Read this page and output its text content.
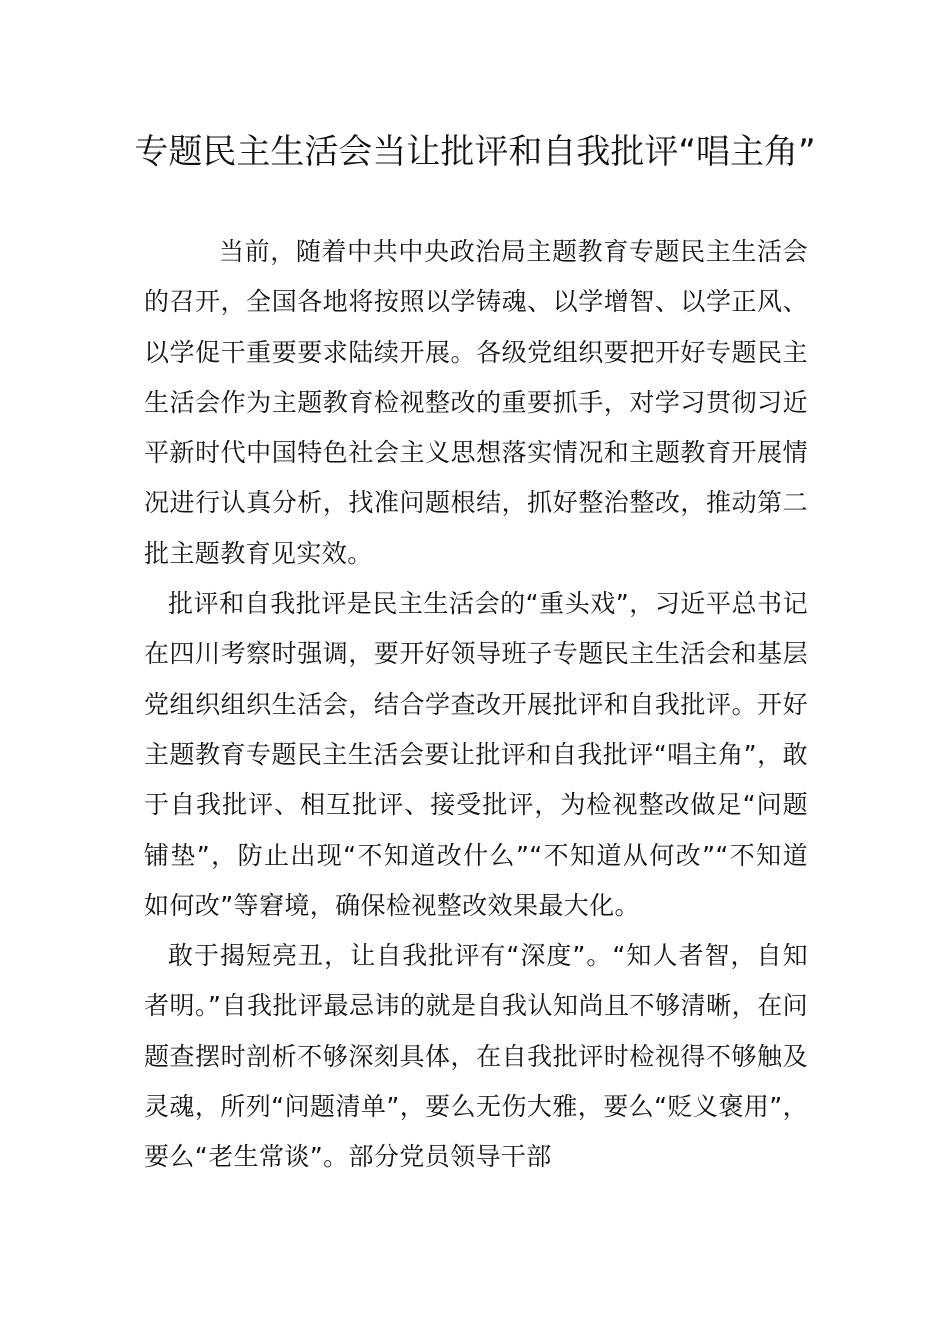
专题民主生活会当让批评和自我批评“唱主角”

当前，随着中共中央政治局主题教育专题民主生活会的召开，全国各地将按照以学铸魂、以学增智、以学正风、以学促干重要要求陆续开展。各级党组织要把开好专题民主生活会作为主题教育检视整改的重要抓手，对学习贯彻习近平新时代中国特色社会主义思想落实情况和主题教育开展情况进行认真分析，找准问题根结，抓好整治整改，推动第二批主题教育见实效。

批评和自我批评是民主生活会的“重头戏”，习近平总书记在四川考察时强调，要开好领导班子专题民主生活会和基层党组织组织生活会，结合学查改开展批评和自我批评。开好主题教育专题民主生活会要让批评和自我批评“唱主角”，敢于自我批评、相互批评、接受批评，为检视整改做足“问题铺垫”，防止出现“不知道改什么”“不知道从何改”“不知道如何改”等窘境，确保检视整改效果最大化。

敢于揭短亮丑，让自我批评有“深度”。“知人者智，自知者明。”自我批评最忌讳的就是自我认知尚且不够清晰，在问题查摆时剖析不够深刻具体，在自我批评时检视得不够触及灵魂，所列“问题清单”，要么无伤大雅，要么“贬义褒用”，要么“老生常谈”。部分党员领导干部
